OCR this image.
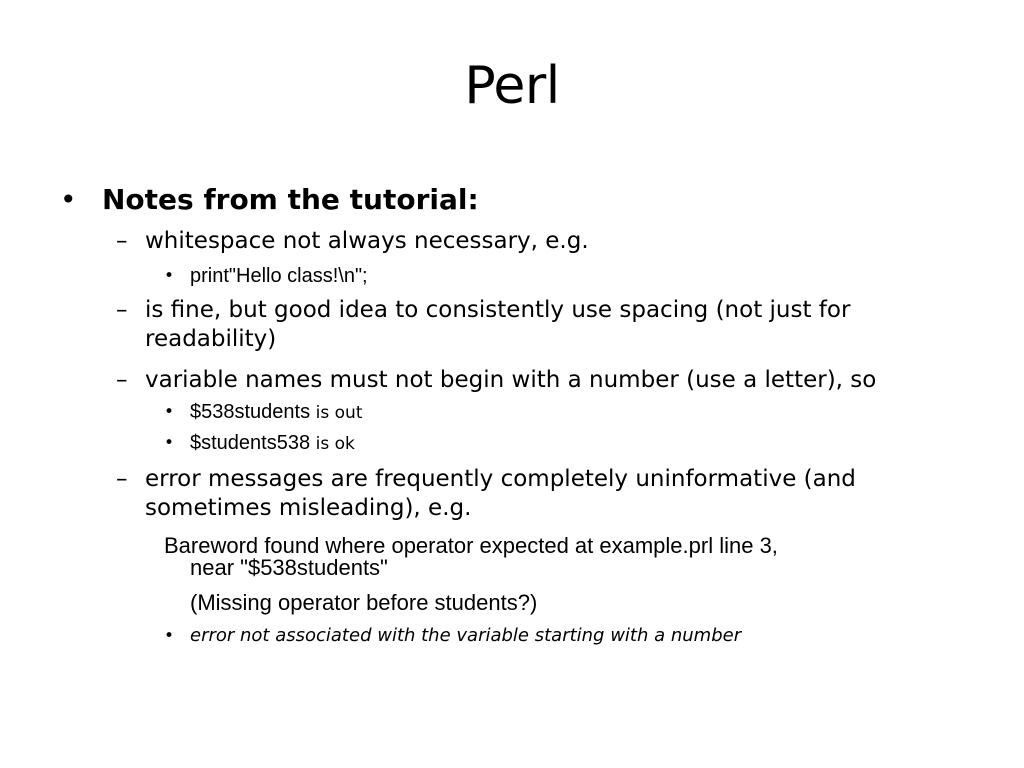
Perl
• Notes from the tutorial:
– whitespace not always necessary, e.g.
• print"Hello class!\n";
– is fine, but good idea to consistently use spacing (not just for
readability)
– variable names must not begin with a number (use a letter), so
• $538students is out
• $students538 is ok
– error messages are frequently completely uninformative (and
sometimes misleading), e.g.
Bareword found where operator expected at example.prl line 3,
near "$538students"
(Missing operator before students?)
• error not associated with the variable starting with a number
